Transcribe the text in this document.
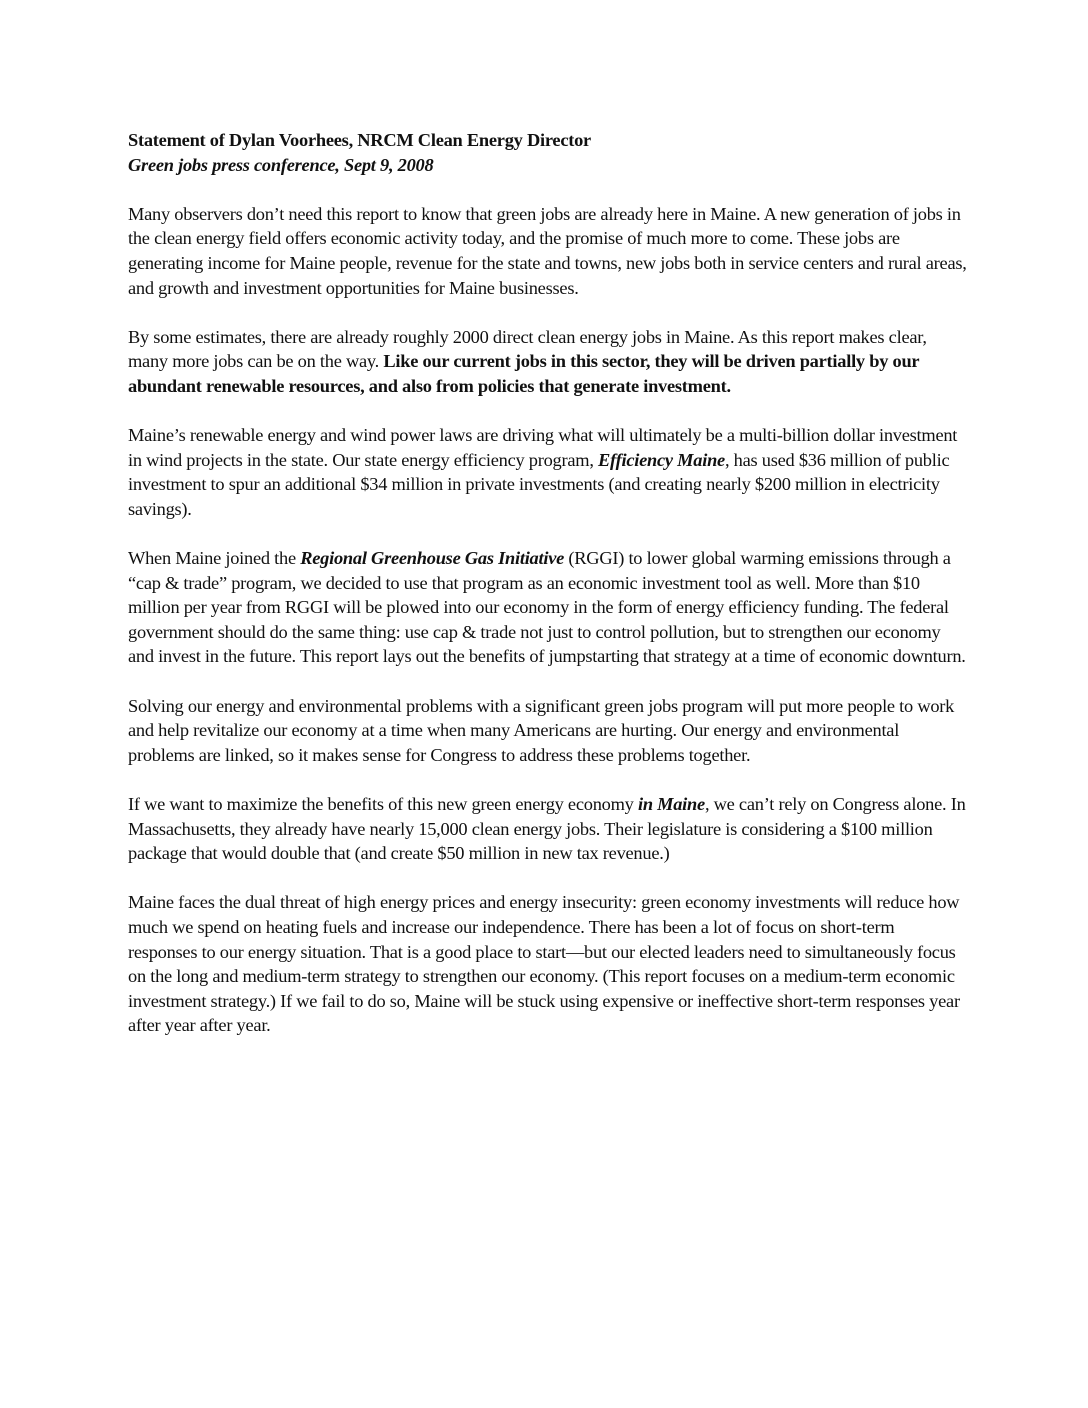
Statement of Dylan Voorhees, NRCM Clean Energy Director
Green jobs press conference, Sept 9, 2008

Many observers don’t need this report to know that green jobs are already here in Maine. A new generation of jobs in the clean energy field offers economic activity today, and the promise of much more to come. These jobs are generating income for Maine people, revenue for the state and towns, new jobs both in service centers and rural areas, and growth and investment opportunities for Maine businesses.

By some estimates, there are already roughly 2000 direct clean energy jobs in Maine. As this report makes clear, many more jobs can be on the way. Like our current jobs in this sector, they will be driven partially by our abundant renewable resources, and also from policies that generate investment.

Maine’s renewable energy and wind power laws are driving what will ultimately be a multi-billion dollar investment in wind projects in the state. Our state energy efficiency program, Efficiency Maine, has used $36 million of public investment to spur an additional $34 million in private investments (and creating nearly $200 million in electricity savings).

When Maine joined the Regional Greenhouse Gas Initiative (RGGI) to lower global warming emissions through a “cap & trade” program, we decided to use that program as an economic investment tool as well. More than $10 million per year from RGGI will be plowed into our economy in the form of energy efficiency funding. The federal government should do the same thing: use cap & trade not just to control pollution, but to strengthen our economy and invest in the future. This report lays out the benefits of jumpstarting that strategy at a time of economic downturn.

Solving our energy and environmental problems with a significant green jobs program will put more people to work and help revitalize our economy at a time when many Americans are hurting. Our energy and environmental problems are linked, so it makes sense for Congress to address these problems together.

If we want to maximize the benefits of this new green energy economy in Maine, we can’t rely on Congress alone. In Massachusetts, they already have nearly 15,000 clean energy jobs. Their legislature is considering a $100 million package that would double that (and create $50 million in new tax revenue.)

Maine faces the dual threat of high energy prices and energy insecurity: green economy investments will reduce how much we spend on heating fuels and increase our independence. There has been a lot of focus on short-term responses to our energy situation. That is a good place to start—but our elected leaders need to simultaneously focus on the long and medium-term strategy to strengthen our economy. (This report focuses on a medium-term economic investment strategy.) If we fail to do so, Maine will be stuck using expensive or ineffective short-term responses year after year after year.
